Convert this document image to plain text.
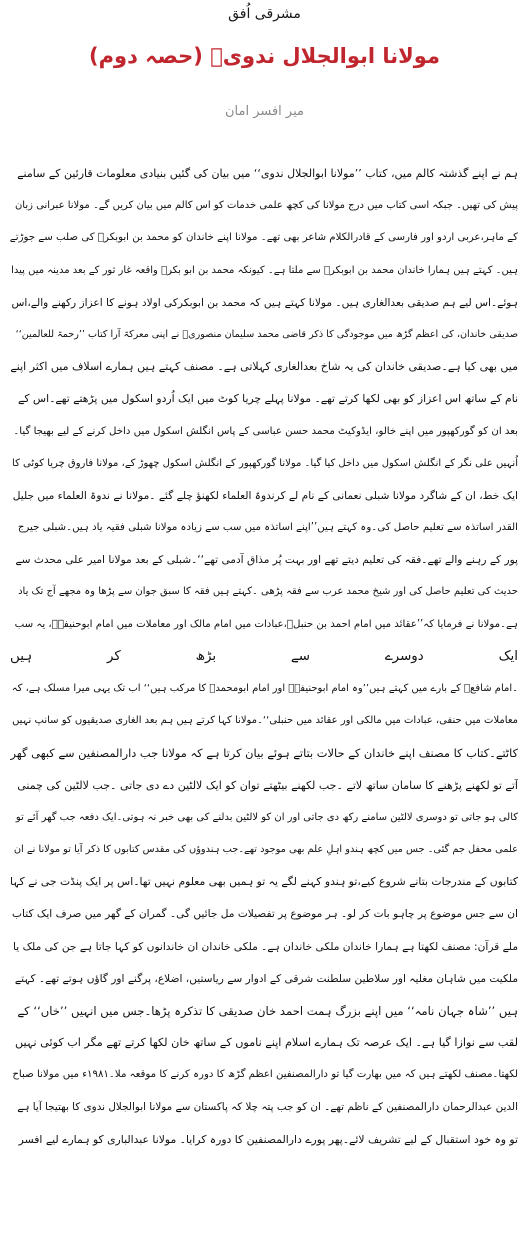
مشرقی اُفق
مولانا ابوالجلال ندویؒ (حصہ دوم)
میر افسر امان
ہم نے اپنے گذشتہ کالم میں، کتاب ’’مولانا ابوالجلال ندوی‘‘ میں بیان کی گئیں بنیادی معلومات قارئین کے سامنے
پیش کی تھیں۔ جبکہ اسی کتاب میں درج مولانا کی کچھ علمی خدمات کو اس کالم میں بیان کریں گے۔ مولانا عبرانی زبان
کے ماہر،عربی اردو اور فارسی کے قادرالکلام شاعر بھی تھے۔ مولانا اپنے خاندان کو محمد بن ابوبکرؓ کی صلب سے جوڑتے
ہیں۔ کہتے ہیں ہمارا خاندان محمد بن ابوبکرؓ سے ملتا ہے۔ کیونکہ محمد بن ابو بکرؓ واقعہ غار ثور کے بعد مدینہ میں پیدا
ہوئے۔اس لیے ہم صدیقی بعدالغاری ہیں۔ مولانا کہتے ہیں کہ محمد بن ابوبکرکی اولاد ہونے کا اعزاز رکھنے والے،اس
صدیقی خاندان، کی اعظم گڑھ میں موجودگی کا ذکر قاضی محمد سلیمان منصوریؒ نے اپنی معرکۃ آرا کتاب ’’رحمۃ للعالمین‘‘
میں بھی کیا ہے۔صدیقی خاندان کی یہ شاخ بعدالغاری کہلاتی ہے۔ مصنف کہتے ہیں ہمارے اسلاف میں اکثر اپنے
نام کے ساتھ اس اعزاز کو بھی لکھا کرتے تھے۔ مولانا پہلے چریا کوٹ میں ایک اُردو اسکول میں پڑھتے تھے۔اس کے
بعد ان کو گورکھپور میں اپنے خالو، ایڈوکیٹ محمد حسن عباسی کے پاس انگلش اسکول میں داخل کرنے کے لیے بھیجا گیا۔
اُنہیں علی نگر کے انگلش اسکول میں داخل کیا گیا۔ مولانا گورکھپور کے انگلش اسکول چھوڑ کے، مولانا فاروق چریا کوٹی کا
ایک خط، ان کے شاگرد مولانا شبلی نعمانی کے نام لے کرندوۃ العلماء لکھنؤ چلے گئے ۔مولانا نے ندوۃ العلماء میں جلیل
القدر اساتذہ سے تعلیم حاصل کی۔وہ کہتے ہیں’’اپنے اساتذہ میں سب سے زیادہ مولانا شبلی فقیہ یاد ہیں۔شبلی جیرج
پور کے رہنے والے تھے۔فقہ کی تعلیم دیتے تھے اور بہت پُر مذاق آدمی تھے‘‘۔شبلی کے بعد مولانا امیر علی محدث سے
حدیث کی تعلیم حاصل کی اور شیخ محمد عرب سے فقہ پڑھی ۔کہتے ہیں فقہ کا سبق جوان سے پڑھا وہ مجھے آج تک یاد
ہے۔مولانا نے فرمایا کہ’’عقائد میں امام احمد بن حنبلؒ،عبادات میں امام مالک اور معاملات میں امام ابوحنیفہؒ، یہ سب
ایک
دوسرے
سے
بڑھ
کر
ہیں
۔امام شافعؒ کے بارے میں کہتے ہیں’’وہ امام ابوحنیفہؒ اور امام ابومحمدؒ کا مرکب ہیں‘‘ اب تک یہی میرا مسلک ہے، کہ
معاملات میں حنفی، عبادات میں مالکی اور عقائد میں حنبلی‘‘۔مولانا کہا کرتے ہیں ہم بعد الغاری صدیقیوں کو سانپ نہیں
کاٹتے۔کتاب کا مصنف اپنے خاندان کے حالات بتاتے ہوئے بیان کرتا ہے کہ مولانا جب دارالمصنفین سے کبھی گھر
آتے تو لکھنے پڑھنے کا سامان ساتھ لاتے ۔جب لکھنے بیٹھتے توان کو ایک لالٹین دے دی جاتی ۔جب لالٹین کی چمنی
کالی ہو جاتی تو دوسری لالٹین سامنے رکھ دی جاتی اور ان کو لالٹین بدلنے کی بھی خبر نہ ہوتی۔ایک دفعہ جب گھر آئے تو
علمی محفل جم گئی۔ جس میں کچھ ہندو اہلِ علم بھی موجود تھے۔جب ہندوؤں کی مقدس کتابوں کا ذکر آیا تو مولانا نے ان
کتابوں کے مندرجات بتانے شروع کیے،تو ہندو کہنے لگے یہ تو ہمیں بھی معلوم نہیں تھا۔اس پر ایک پنڈت جی نے کہا
ان سے جس موضوع پر چاہو بات کر لو۔ ہر موضوع پر تفصیلات مل جائیں گی۔ گمران کے گھر میں صرف ایک کتاب
ملے قرآن: مصنف لکھتا ہے ہمارا خاندان ملکی خاندان ہے۔ ملکی خاندان ان خاندانوں کو کہا جاتا ہے جن کی ملک یا
ملکیت میں شاہان مغلیہ اور سلاطین سلطنت شرقی کے ادوار سے ریاستیں، اضلاع، پرگنے اور گاؤں ہوتے تھے۔ کہتے
ہیں ’’شاہ جہان نامہ‘‘ میں اپنے بزرگ ہمت احمد خان صدیقی کا تذکرہ پڑھا۔جس میں انہیں ’’خاں‘‘ کے
لقب سے نوازا گیا ہے۔ ایک عرصہ تک ہمارے اسلام اپنے ناموں کے ساتھ خان لکھا کرتے تھے مگر اب کوئی نہیں
لکھتا۔مصنف لکھتے ہیں کہ میں بھارت گیا تو دارالمصنفین اعظم گڑھ کا دورہ کرنے کا موقعہ ملا۔۱۹۸۱ء میں مولانا صباح
الدین عبدالرحمان دارالمصنفین کے ناظم تھے۔ ان کو جب پتہ چلا کہ پاکستان سے مولانا ابوالجلال ندوی کا بھتیجا آیا ہے
تو وہ خود استقبال کے لیے تشریف لائے۔پھر پورے دارالمصنفین کا دورہ کرایا۔ مولانا عبدالباری کو ہمارے لیے افسر
